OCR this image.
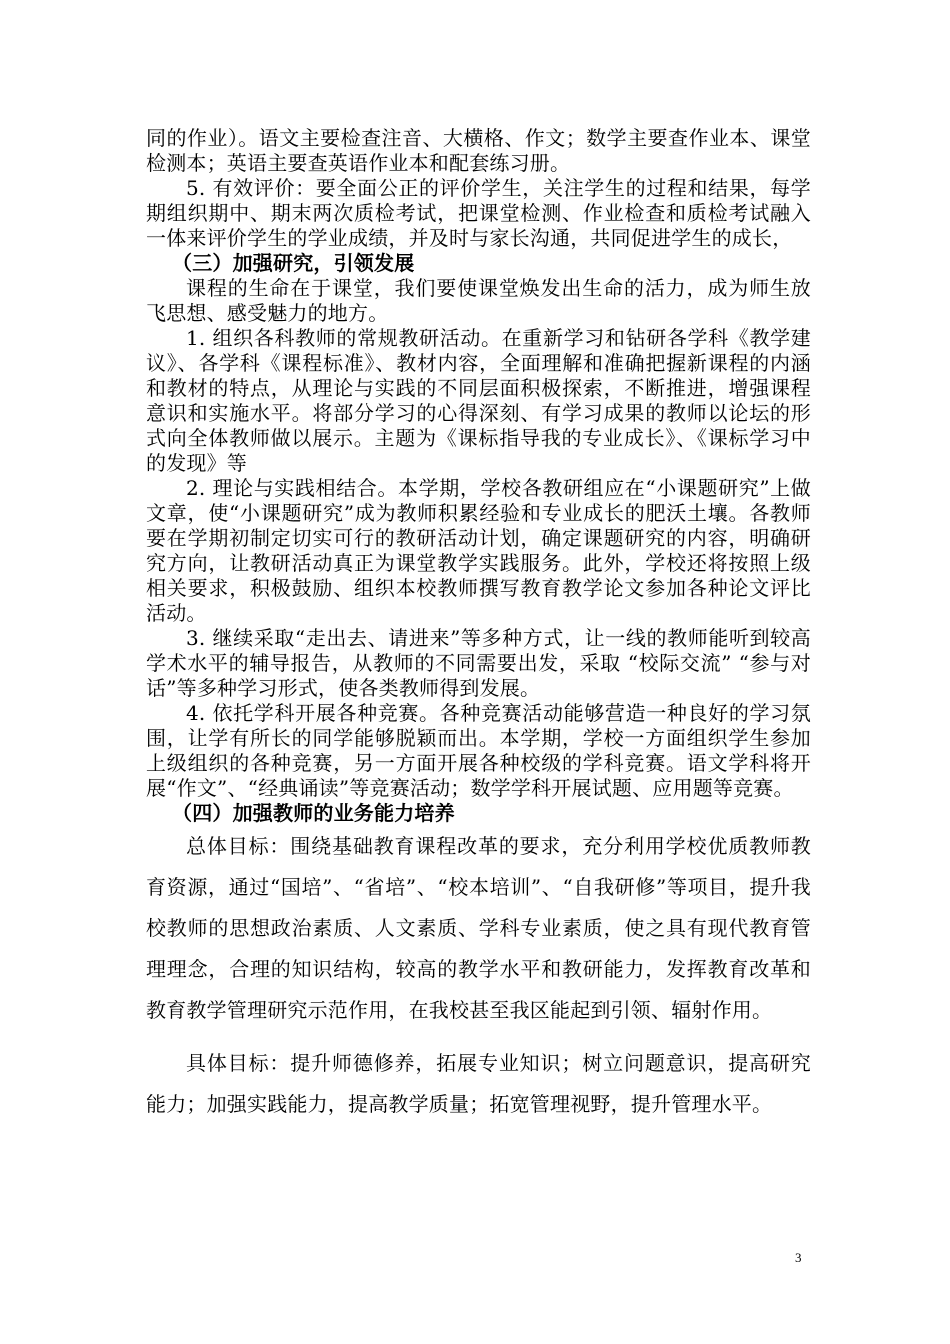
同的作业）。语文主要检查注音、大横格、作文；数学主要查作业本、课堂检测本；英语主要查英语作业本和配套练习册。

5. 有效评价：要全面公正的评价学生，关注学生的过程和结果，每学期组织期中、期末两次质检考试，把课堂检测、作业检查和质检考试融入一体来评价学生的学业成绩，并及时与家长沟通，共同促进学生的成长，

（三）加强研究，引领发展

课程的生命在于课堂，我们要使课堂焕发出生命的活力，成为师生放飞思想、感受魅力的地方。

1. 组织各科教师的常规教研活动。在重新学习和钻研各学科《教学建议》、各学科《课程标准》、教材内容，全面理解和准确把握新课程的内涵和教材的特点，从理论与实践的不同层面积极探索，不断推进，增强课程意识和实施水平。将部分学习的心得深刻、有学习成果的教师以论坛的形式向全体教师做以展示。主题为《课标指导我的专业成长》、《课标学习中的发现》等

2. 理论与实践相结合。本学期，学校各教研组应在“小课题研究”上做文章，使“小课题研究”成为教师积累经验和专业成长的肥沃土壤。各教师要在学期初制定切实可行的教研活动计划，确定课题研究的内容，明确研究方向，让教研活动真正为课堂教学实践服务。此外，学校还将按照上级相关要求，积极鼓励、组织本校教师撰写教育教学论文参加各种论文评比活动。

3. 继续采取“走出去、请进来”等多种方式，让一线的教师能听到较高学术水平的辅导报告，从教师的不同需要出发，采取 “校际交流” “参与对话”等多种学习形式，使各类教师得到发展。

4. 依托学科开展各种竞赛。各种竞赛活动能够营造一种良好的学习氛围，让学有所长的同学能够脱颖而出。本学期，学校一方面组织学生参加上级组织的各种竞赛，另一方面开展各种校级的学科竞赛。语文学科将开展“作文”、“经典诵读”等竞赛活动；数学学科开展试题、应用题等竞赛。

（四）加强教师的业务能力培养

总体目标：围绕基础教育课程改革的要求，充分利用学校优质教师教育资源，通过“国培”、“省培”、“校本培训”、“自我研修”等项目，提升我校教师的思想政治素质、人文素质、学科专业素质，使之具有现代教育管理理念，合理的知识结构，较高的教学水平和教研能力，发挥教育改革和教育教学管理研究示范作用，在我校甚至我区能起到引领、辐射作用。

具体目标：提升师德修养，拓展专业知识；树立问题意识，提高研究能力；加强实践能力，提高教学质量；拓宽管理视野，提升管理水平。

3
